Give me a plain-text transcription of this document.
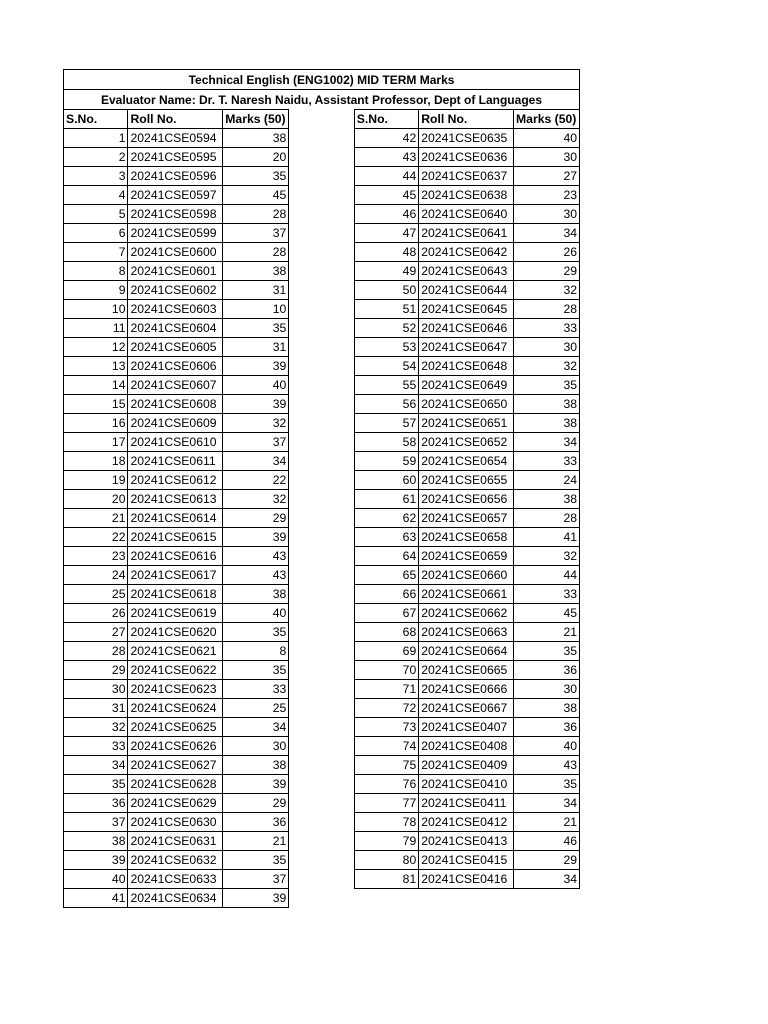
Technical English (ENG1002) MID TERM Marks
Evaluator Name: Dr. T. Naresh Naidu, Assistant Professor, Dept of Languages
S.No.	Roll No.	Marks (50)
1	20241CSE0594	38
2	20241CSE0595	20
3	20241CSE0596	35
4	20241CSE0597	45
5	20241CSE0598	28
6	20241CSE0599	37
7	20241CSE0600	28
8	20241CSE0601	38
9	20241CSE0602	31
10	20241CSE0603	10
11	20241CSE0604	35
12	20241CSE0605	31
13	20241CSE0606	39
14	20241CSE0607	40
15	20241CSE0608	39
16	20241CSE0609	32
17	20241CSE0610	37
18	20241CSE0611	34
19	20241CSE0612	22
20	20241CSE0613	32
21	20241CSE0614	29
22	20241CSE0615	39
23	20241CSE0616	43
24	20241CSE0617	43
25	20241CSE0618	38
26	20241CSE0619	40
27	20241CSE0620	35
28	20241CSE0621	8
29	20241CSE0622	35
30	20241CSE0623	33
31	20241CSE0624	25
32	20241CSE0625	34
33	20241CSE0626	30
34	20241CSE0627	38
35	20241CSE0628	39
36	20241CSE0629	29
37	20241CSE0630	36
38	20241CSE0631	21
39	20241CSE0632	35
40	20241CSE0633	37
41	20241CSE0634	39
S.No.	Roll No.	Marks (50)
42	20241CSE0635	40
43	20241CSE0636	30
44	20241CSE0637	27
45	20241CSE0638	23
46	20241CSE0640	30
47	20241CSE0641	34
48	20241CSE0642	26
49	20241CSE0643	29
50	20241CSE0644	32
51	20241CSE0645	28
52	20241CSE0646	33
53	20241CSE0647	30
54	20241CSE0648	32
55	20241CSE0649	35
56	20241CSE0650	38
57	20241CSE0651	38
58	20241CSE0652	34
59	20241CSE0654	33
60	20241CSE0655	24
61	20241CSE0656	38
62	20241CSE0657	28
63	20241CSE0658	41
64	20241CSE0659	32
65	20241CSE0660	44
66	20241CSE0661	33
67	20241CSE0662	45
68	20241CSE0663	21
69	20241CSE0664	35
70	20241CSE0665	36
71	20241CSE0666	30
72	20241CSE0667	38
73	20241CSE0407	36
74	20241CSE0408	40
75	20241CSE0409	43
76	20241CSE0410	35
77	20241CSE0411	34
78	20241CSE0412	21
79	20241CSE0413	46
80	20241CSE0415	29
81	20241CSE0416	34
